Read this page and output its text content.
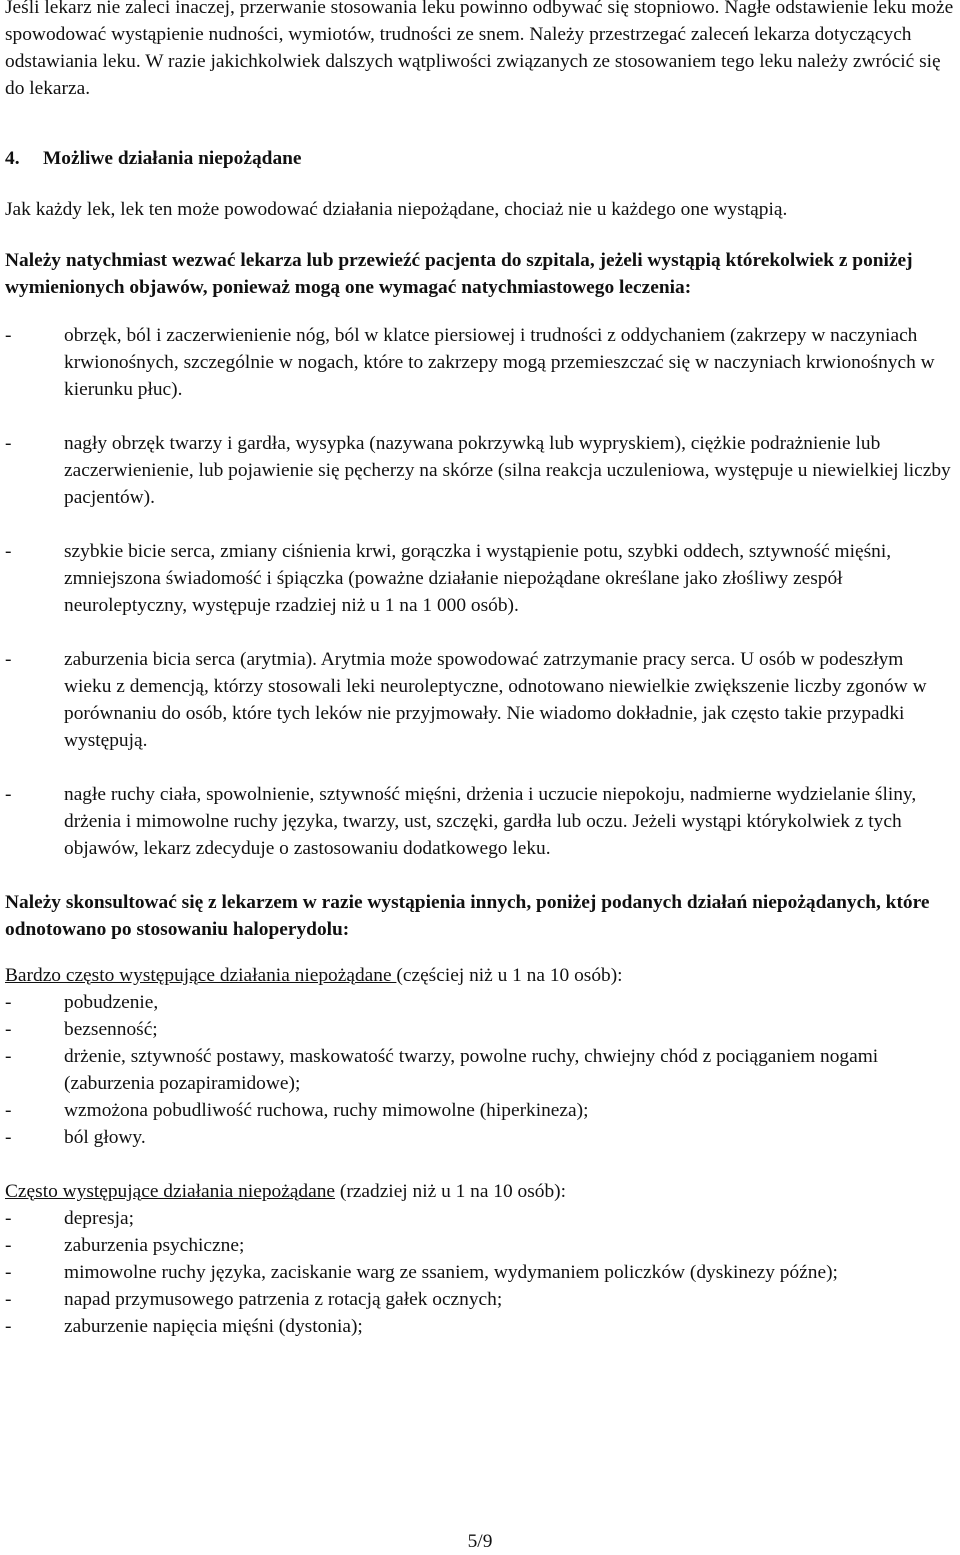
Jeśli lekarz nie zaleci inaczej, przerwanie stosowania leku powinno odbywać się stopniowo. Nagłe odstawienie leku może spowodować wystąpienie nudności, wymiotów, trudności ze snem. Należy przestrzegać zaleceń lekarza dotyczących odstawiania leku. W razie jakichkolwiek dalszych wątpliwości związanych ze stosowaniem tego leku należy zwrócić się do lekarza.

4. Możliwe działania niepożądane

Jak każdy lek, lek ten może powodować działania niepożądane, chociaż nie u każdego one wystąpią.

Należy natychmiast wezwać lekarza lub przewieźć pacjenta do szpitala, jeżeli wystąpią którekolwiek z poniżej wymienionych objawów, ponieważ mogą one wymagać natychmiastowego leczenia:

-	obrzęk, ból i zaczerwienienie nóg, ból w klatce piersiowej i trudności z oddychaniem (zakrzepy w naczyniach krwionośnych, szczególnie w nogach, które to zakrzepy mogą przemieszczać się w naczyniach krwionośnych w kierunku płuc).
-	nagły obrzęk twarzy i gardła, wysypka (nazywana pokrzywką lub wypryskiem), ciężkie podrażnienie lub zaczerwienienie, lub pojawienie się pęcherzy na skórze (silna reakcja uczuleniowa, występuje u niewielkiej liczby pacjentów).
-	szybkie bicie serca, zmiany ciśnienia krwi, gorączka i wystąpienie potu, szybki oddech, sztywność mięśni, zmniejszona świadomość i śpiączka (poważne działanie niepożądane określane jako złośliwy zespół neuroleptyczny, występuje rzadziej niż u 1 na 1 000 osób).
-	zaburzenia bicia serca (arytmia). Arytmia może spowodować zatrzymanie pracy serca. U osób w podeszłym wieku z demencją, którzy stosowali leki neuroleptyczne, odnotowano niewielkie zwiększenie liczby zgonów w porównaniu do osób, które tych leków nie przyjmowały. Nie wiadomo dokładnie, jak często takie przypadki występują.
-	nagłe ruchy ciała, spowolnienie, sztywność mięśni, drżenia i uczucie niepokoju, nadmierne wydzielanie śliny, drżenia i mimowolne ruchy języka, twarzy, ust, szczęki, gardła lub oczu. Jeżeli wystąpi którykolwiek z tych objawów, lekarz zdecyduje o zastosowaniu dodatkowego leku.

Należy skonsultować się z lekarzem w razie wystąpienia innych, poniżej podanych działań niepożądanych, które odnotowano po stosowaniu haloperydolu:

Bardzo często występujące działania niepożądane (częściej niż u 1 na 10 osób):

-	pobudzenie,
-	bezsenność;
-	drżenie, sztywność postawy, maskowatość twarzy, powolne ruchy, chwiejny chód z pociąganiem nogami (zaburzenia pozapiramidowe);
-	wzmożona pobudliwość ruchowa, ruchy mimowolne (hiperkineza);
-	ból głowy.

Często występujące działania niepożądane (rzadziej niż u 1 na 10 osób):

-	depresja;
-	zaburzenia psychiczne;
-	mimowolne ruchy języka, zaciskanie warg ze ssaniem, wydymaniem policzków (dyskinezy późne);
-	napad przymusowego patrzenia z rotacją gałek ocznych;
-	zaburzenie napięcia mięśni (dystonia);
5/9
